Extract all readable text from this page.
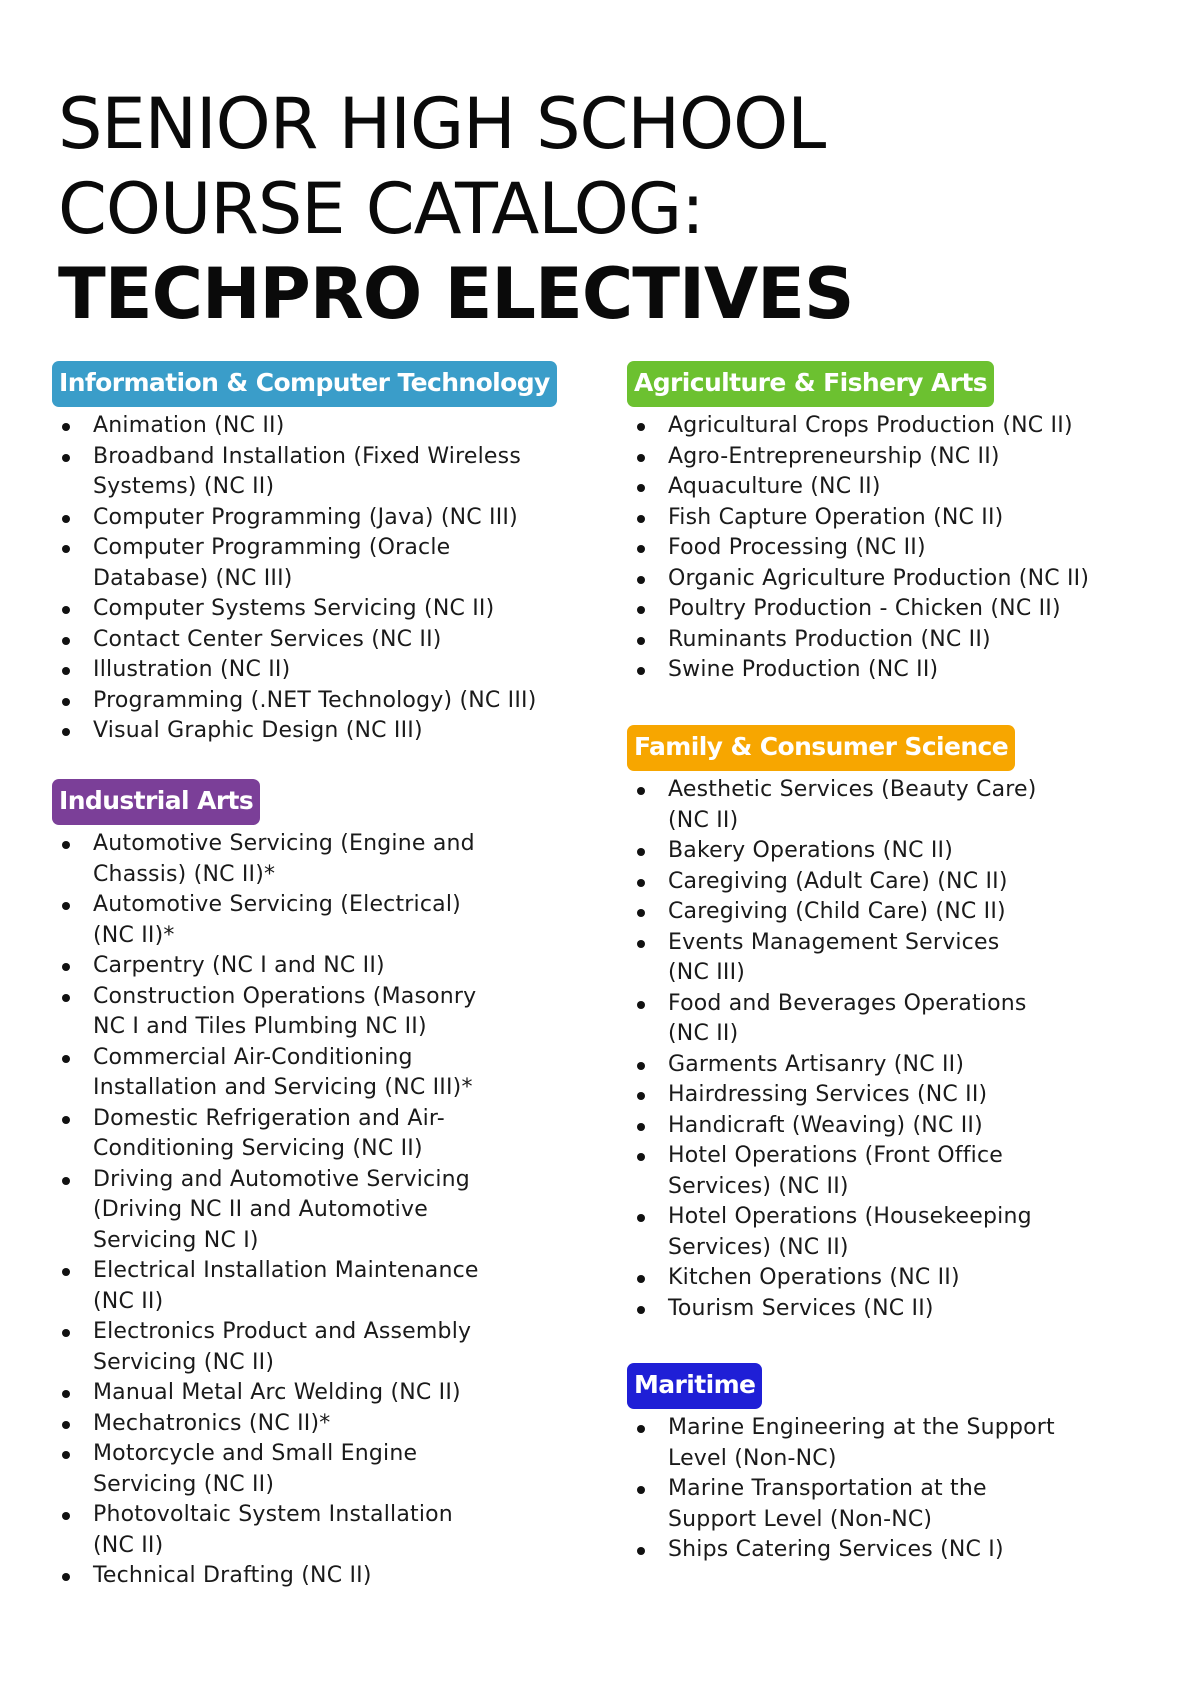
SENIOR HIGH SCHOOL
COURSE CATALOG:
TECHPRO ELECTIVES
Information & Computer Technology
Animation (NC II)
Broadband Installation (Fixed Wireless
Systems) (NC II)
Computer Programming (Java) (NC III)
Computer Programming (Oracle
Database) (NC III)
Computer Systems Servicing (NC II)
Contact Center Services (NC II)
Illustration (NC II)
Programming (.NET Technology) (NC III)
Visual Graphic Design (NC III)
Industrial Arts
Automotive Servicing (Engine and
Chassis) (NC II)*
Automotive Servicing (Electrical)
(NC II)*
Carpentry (NC I and NC II)
Construction Operations (Masonry
NC I and Tiles Plumbing NC II)
Commercial Air-Conditioning
Installation and Servicing (NC III)*
Domestic Refrigeration and Air-
Conditioning Servicing (NC II)
Driving and Automotive Servicing
(Driving NC II and Automotive
Servicing NC I)
Electrical Installation Maintenance
(NC II)
Electronics Product and Assembly
Servicing (NC II)
Manual Metal Arc Welding (NC II)
Mechatronics (NC II)*
Motorcycle and Small Engine
Servicing (NC II)
Photovoltaic System Installation
(NC II)
Technical Drafting (NC II)
Agriculture & Fishery Arts
Agricultural Crops Production (NC II)
Agro-Entrepreneurship (NC II)
Aquaculture (NC II)
Fish Capture Operation (NC II)
Food Processing (NC II)
Organic Agriculture Production (NC II)
Poultry Production - Chicken (NC II)
Ruminants Production (NC II)
Swine Production (NC II)
Family & Consumer Science
Aesthetic Services (Beauty Care)
(NC II)
Bakery Operations (NC II)
Caregiving (Adult Care) (NC II)
Caregiving (Child Care) (NC II)
Events Management Services
(NC III)
Food and Beverages Operations
(NC II)
Garments Artisanry (NC II)
Hairdressing Services (NC II)
Handicraft (Weaving) (NC II)
Hotel Operations (Front Office
Services) (NC II)
Hotel Operations (Housekeeping
Services) (NC II)
Kitchen Operations (NC II)
Tourism Services (NC II)
Maritime
Marine Engineering at the Support
Level (Non-NC)
Marine Transportation at the
Support Level (Non-NC)
Ships Catering Services (NC I)
